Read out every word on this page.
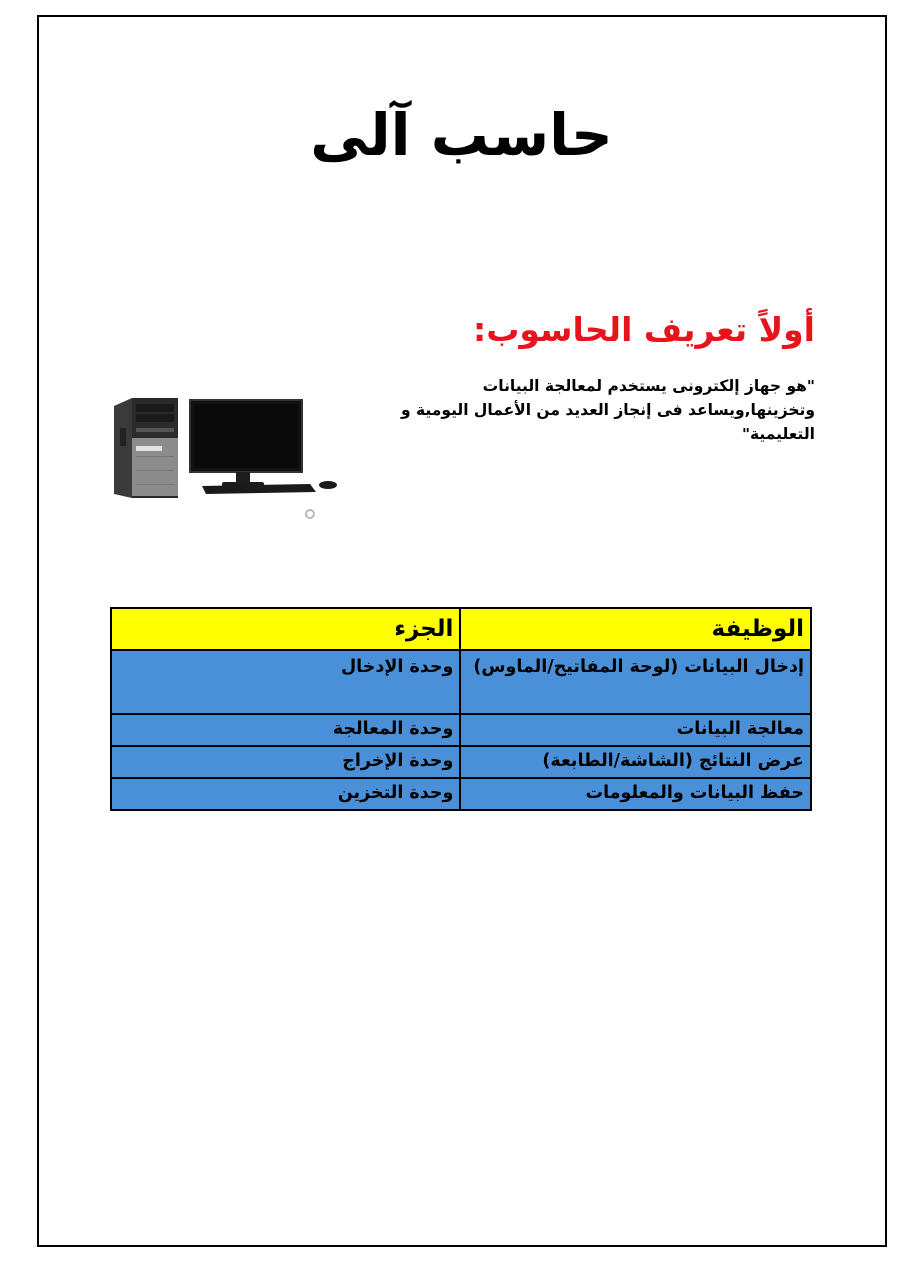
حاسب آلى
أولاً تعريف الحاسوب:
"هو جهاز إلكترونى يستخدم لمعالجة البيانات وتخزينها,ويساعد فى إنجاز العديد من الأعمال اليومية و التعليمية"
الوظيفة	الجزء
إدخال البيانات (لوحة المفاتيح/الماوس)	وحدة الإدخال
معالجة البيانات	وحدة المعالجة
عرض النتائج (الشاشة/الطابعة)	وحدة الإخراج
حفظ البيانات والمعلومات	وحدة التخزين
